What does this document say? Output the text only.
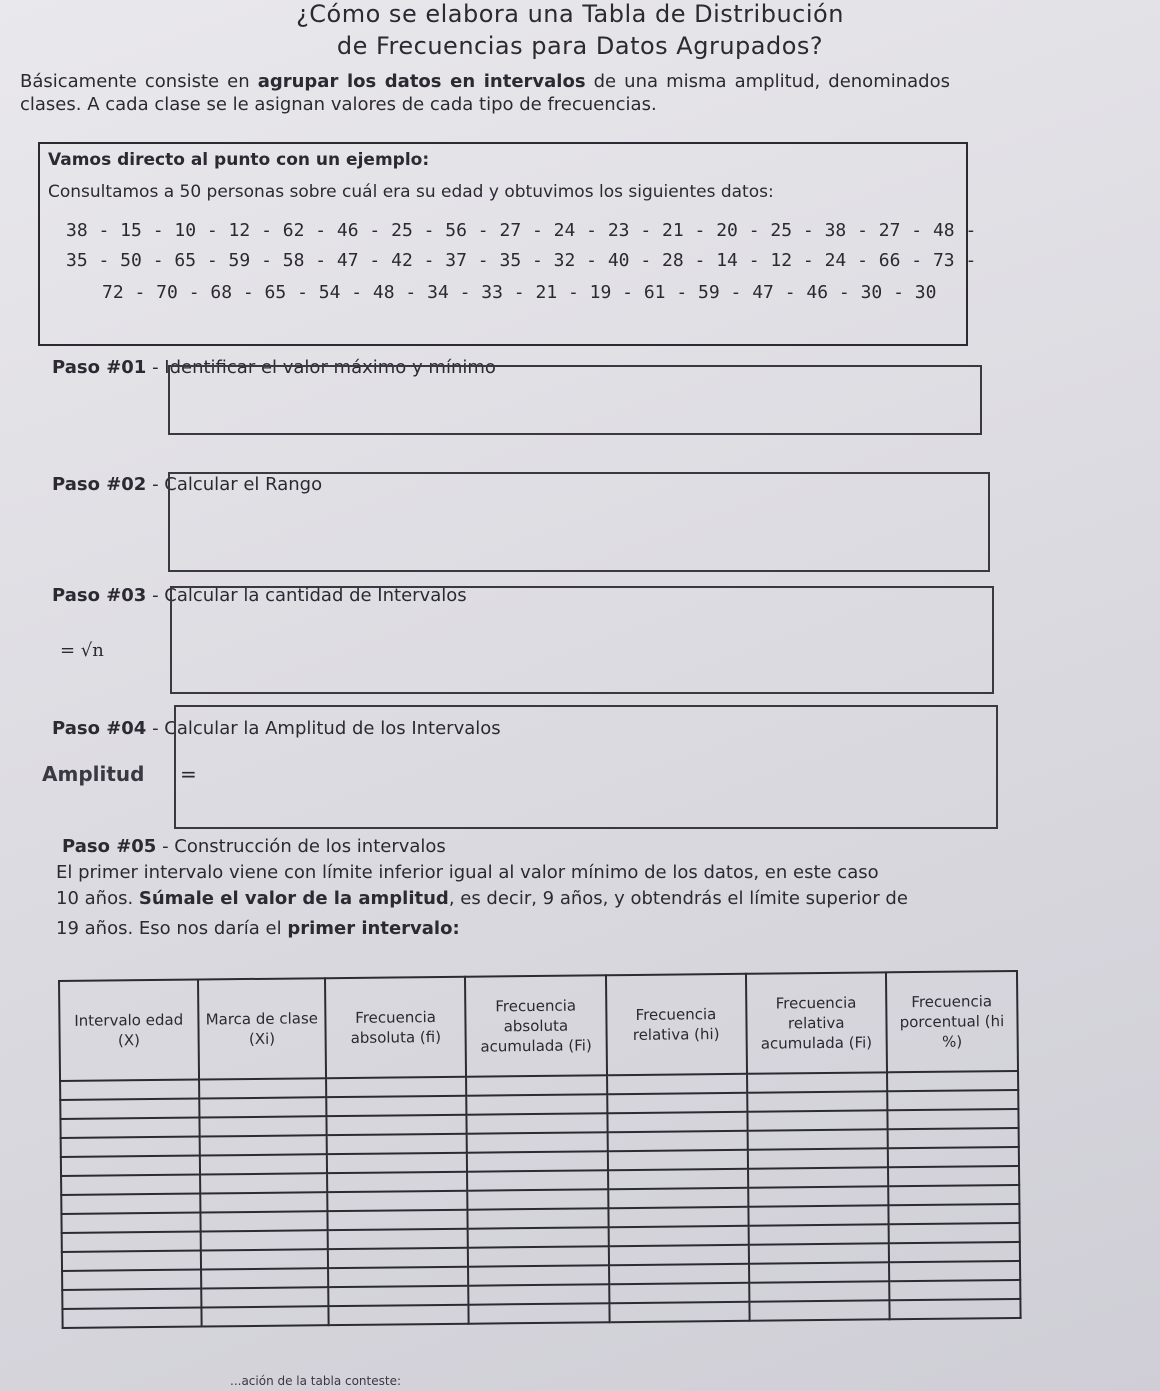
¿Cómo se elabora una Tabla de Distribución
de Frecuencias para Datos Agrupados?
Básicamente consiste en agrupar los datos en intervalos de una misma amplitud, denominados clases. A cada clase se le asignan valores de cada tipo de frecuencias.
Vamos directo al punto con un ejemplo:
Consultamos a 50 personas sobre cuál era su edad y obtuvimos los siguientes datos:
38 - 15 - 10 - 12 - 62 - 46 - 25 - 56 - 27 - 24 - 23 - 21 - 20 - 25 - 38 - 27 - 48 -
35 - 50 - 65 - 59 - 58 - 47 - 42 - 37 - 35 - 32 - 40 - 28 - 14 - 12 - 24 - 66 - 73 -
72 - 70 - 68 - 65 - 54 - 48 - 34 - 33 - 21 - 19 - 61 - 59 - 47 - 46 - 30 - 30
Paso #01 - Identificar el valor máximo y mínimo
Paso #02 - Calcular el Rango
Paso #03 - Calcular la cantidad de Intervalos
= √n
Paso #04 - Calcular la Amplitud de los Intervalos
Amplitud =
Paso #05 - Construcción de los intervalos
El primer intervalo viene con límite inferior igual al valor mínimo de los datos, en este caso
10 años. Súmale el valor de la amplitud, es decir, 9 años, y obtendrás el límite superior de
19 años. Eso nos daría el primer intervalo:
Intervalo edad (X)	Marca de clase (Xi)	Frecuencia absoluta (fi)	Frecuencia absoluta acumulada (Fi)	Frecuencia relativa (hi)	Frecuencia relativa acumulada (Fi)	Frecuencia porcentual (hi %)

...ación de la tabla conteste:
